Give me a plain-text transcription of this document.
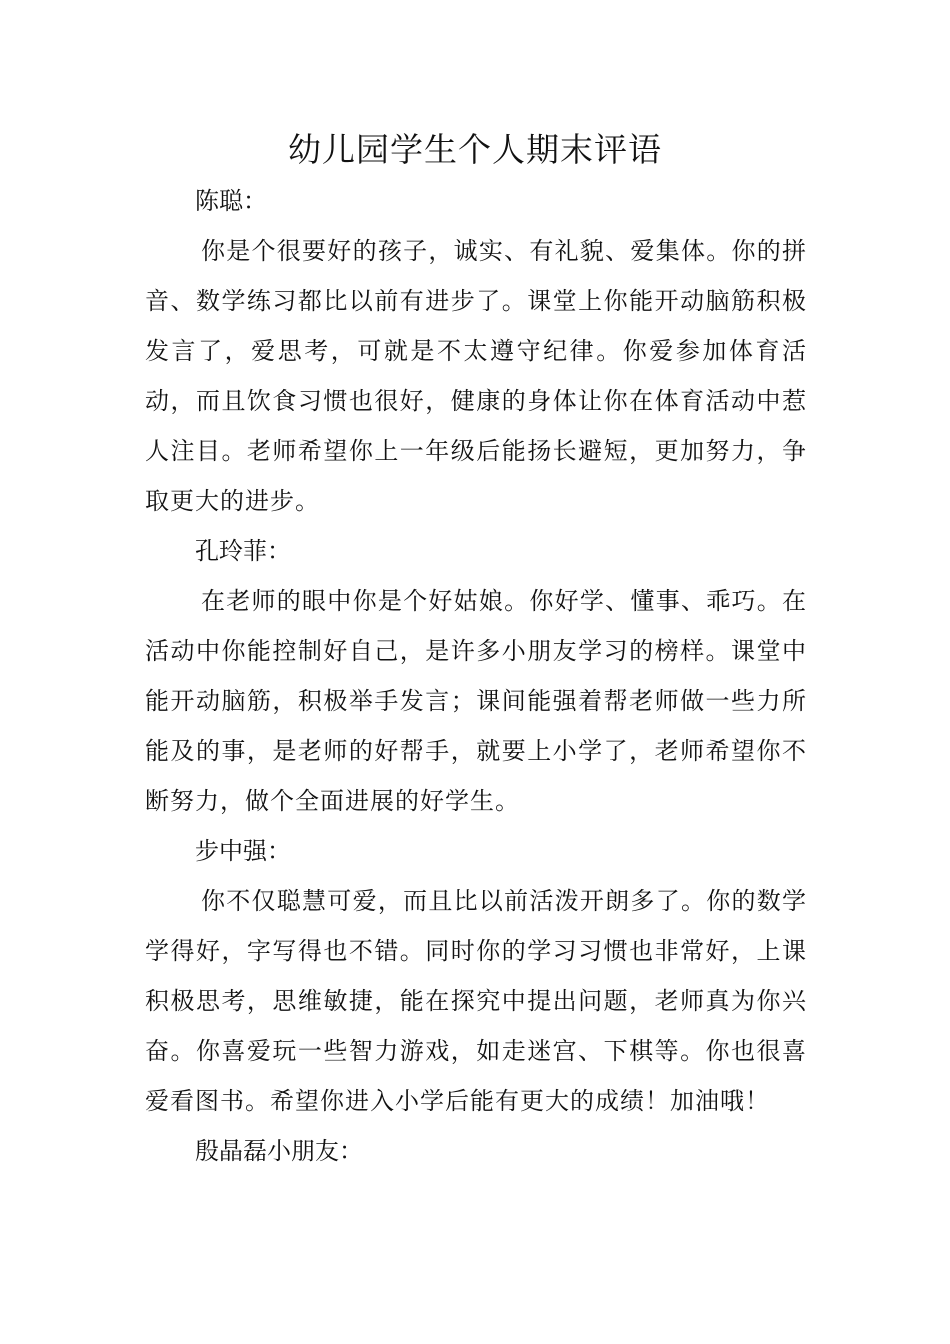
幼儿园学生个人期末评语

陈聪：

你是个很要好的孩子，诚实、有礼貌、爱集体。你的拼音、数学练习都比以前有进步了。课堂上你能开动脑筋积极发言了，爱思考，可就是不太遵守纪律。你爱参加体育活动，而且饮食习惯也很好，健康的身体让你在体育活动中惹人注目。老师希望你上一年级后能扬长避短，更加努力，争取更大的进步。

孔玲菲：

在老师的眼中你是个好姑娘。你好学、懂事、乖巧。在活动中你能控制好自己，是许多小朋友学习的榜样。课堂中能开动脑筋，积极举手发言；课间能强着帮老师做一些力所能及的事，是老师的好帮手，就要上小学了，老师希望你不断努力，做个全面进展的好学生。

步中强：

你不仅聪慧可爱，而且比以前活泼开朗多了。你的数学学得好，字写得也不错。同时你的学习习惯也非常好，上课积极思考，思维敏捷，能在探究中提出问题，老师真为你兴奋。你喜爱玩一些智力游戏，如走迷宫、下棋等。你也很喜爱看图书。希望你进入小学后能有更大的成绩！加油哦！

殷晶磊小朋友：
